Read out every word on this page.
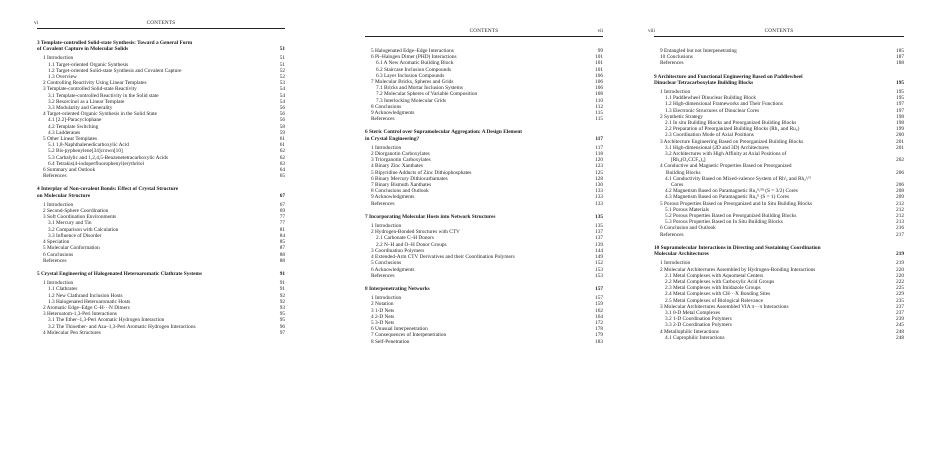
vi	CONTENTS
3 Template-controlled Solid-state Synthesis: Toward a General Form
of Covalent Capture in Molecular Solids	51
1 Introduction	51
1.1 Target-oriented Organic Synthesis	51
1.2 Target-oriented Solid-state Synthesis and Covalent Capture	52
1.3 Overview	52
2 Controlling Reactivity Using Linear Templates	53
3 Template-controlled Solid-state Reactivity	54
3.1 Template-controlled Reactivity in the Solid state	54
3.2 Resorcinol as a Linear Template	54
3.3 Modularity and Generality	56
4 Target-oriented Organic Synthesis in the Solid State	56
4.1 [2.2]-Paracyclophane	56
4.2 Template Switching	58
4.3 Ladderanes	59
5 Other Linear Templates	61
5.1 1,8-Naphthalenedicarboxylic Acid	61
5.2 Bis-pyphenylene[34]crown[10]	62
5.3 Carbalylic and 1,2,4,5-Benzenetetracarboxylic Acids	62
6.4 Tetrakis(4-iodoperfluorophenyl)erythritol	63
6 Summary and Outlook	64
References	65
4 Interplay of Non-covalent Bonds: Effect of Crystal Structure
on Molecular Structure	67
1 Introduction	67
2 Second-Sphere Coordination	69
3 Soft Coordination Environments	77
3.1 Mercury and Tin	77
3.2 Comparison with Calculation	81
3.3 Influence of Disorder	84
4 Speciation	85
5 Molecular Conformation	87
6 Conclusions	88
References	88
5 Crystal Engineering of Halogenated Heteroaromatic Clathrate Systems	91
1 Introduction	91
1.1 Clathrates	91
1.2 New Clathrand Inclusion Hosts	92
1.3 Halogenated Heteroaromatic Hosts	92
2 Aromatic Edge–Edge C–H···N Dimers	93
3 Heteroatom-1,3-Peri Interactions	95
3.1 The Ether–1,3-Peri Aromatic Hydrogen Interaction	95
3.2 The Thioether- and Aza–1,3-Peri Aromatic Hydrogen Interactions	96
4 Molecular Pen Structures	97
CONTENTS	vii
5 Halogenated Edge–Edge Interactions	99
6 Pi–Halogen Dimer (PHD) Interactions	101
6.1 A New Aromatic Building Block	101
6.2 Staircase Inclusion Compounds	101
6.3 Layer Inclusion Compounds	106
7 Molecular Bricks, Spheres and Grids	106
7.1 Bricks and Mortar Inclusion Systems	106
7.2 Molecular Spheres of Variable Composition	108
7.3 Interlocking Molecular Grids	110
8 Conclusions	112
9 Acknowledgments	115
References	115
6 Steric Control over Supramolecular Aggregation: A Design Element
in Crystal Engineering?	117
1 Introduction	117
2 Diorganotin Carboxylates	118
3 Triorganotin Carboxylates	120
4 Binary Zinc Xanthates	123
5 Bipyridine Adducts of Zinc Dithiophosphates	125
6 Binary Mercury Dithiocarbamates	128
7 Binary Bismuth Xanthates	130
8 Conclusions and Outlook	133
9 Acknowledgments	133
References	133
7 Incorporating Molecular Hosts into Network Structures	135
1 Introduction	135
2 Hydrogen-Bonded Structures with CTV	137
2.1 Carbonate C–H Donors	137
2.2 N–H and O–H Donor Groups	139
3 Coordination Polymers	144
4 Extended-Arm CTV Derivatives and their Coordination Polymers	149
5 Conclusions	152
6 Acknowledgments	153
References	153
8 Interpenetrating Networks	157
1 Introduction	157
2 Notation	159
3 1-D Nets	162
4 2-D Nets	164
5 3-D Nets	172
6 Unusual Interpenetration	178
7 Consequences of Interpenetration	179
8 Self-Penetration	183
viii	CONTENTS
9 Entangled but not Interpenetrating	185
10 Conclusions	187
References	188
9 Architecture and Functional Engineering Based on Paddlewheel
Dinuclear Tetracarboxylate Building Blocks	195
1 Introduction	195
1.1 Paddlewheel Dinuclear Building Block	195
1.2 High-dimensional Frameworks and Their Functions	197
1.3 Electronic Structures of Dinuclear Cores	197
2 Synthetic Strategy	198
2.1 In situ Building Blocks and Preorganized Building Blocks	198
2.2 Preparation of Preorganized Building Blocks (Rh₂ and Ru₂)	199
2.3 Coordination Mode of Axial Positions	200
3 Architecture Engineering Based on Preorganized Building Blocks	201
3.1 High-dimensional (2D and 3D) Architectures	201
3.2 Architectures with High Affinity at Axial Positions of
[Rh₂(O₂CCF₃)₄]	202
4 Conductive and Magnetic Properties Based on Preorganized
Building Blocks	206
4.1 Conductivity Based on Mixed-valence System of Rhᴵ₂ and Rh₂ᴵ/ᴵᴵ
Cores	206
4.2 Magnetism Based on Paramagnetic Ru₂ᴵᴵ/ᴵᴵᴵ (S = 3/2) Cores	208
4.3 Magnetism Based on Paramagnetic Ru₂ᴵᴵ (S = 1) Cores	209
5 Porous Properties Based on Preorganized and In Situ Building Blocks	212
5.1 Porous Materials	212
5.2 Porous Properties Based on Preorganized Building Blocks	212
5.3 Porous Properties Based on In Situ Building Blocks	213
6 Conclusion and Outlook	216
References	217
10 Supramolecular Interactions in Directing and Sustaining Coordination
Molecular Architectures	219
1 Introduction	219
2 Molecular Architectures Assembled by Hydrogen-Bonding Interactions	220
2.1 Metal Complexes with Aquometal Centers	220
2.2 Metal Complexes with Carboxylic Acid Groups	222
2.3 Metal Complexes with Imidazole Groups	225
2.4 Metal Complexes with CH···X Bonding Sites	229
2.5 Metal Complexes of Biological Relevance	235
3 Molecular Architectures Assembled VIA π···π Interactions	237
3.1 0-D Metal Complexes	237
3.2 1-D Coordination Polymers	239
3.3 2-D Coordination Polymers	245
4 Metallophilic Interactions	248
4.1 Cuprophilic Interactions	248
